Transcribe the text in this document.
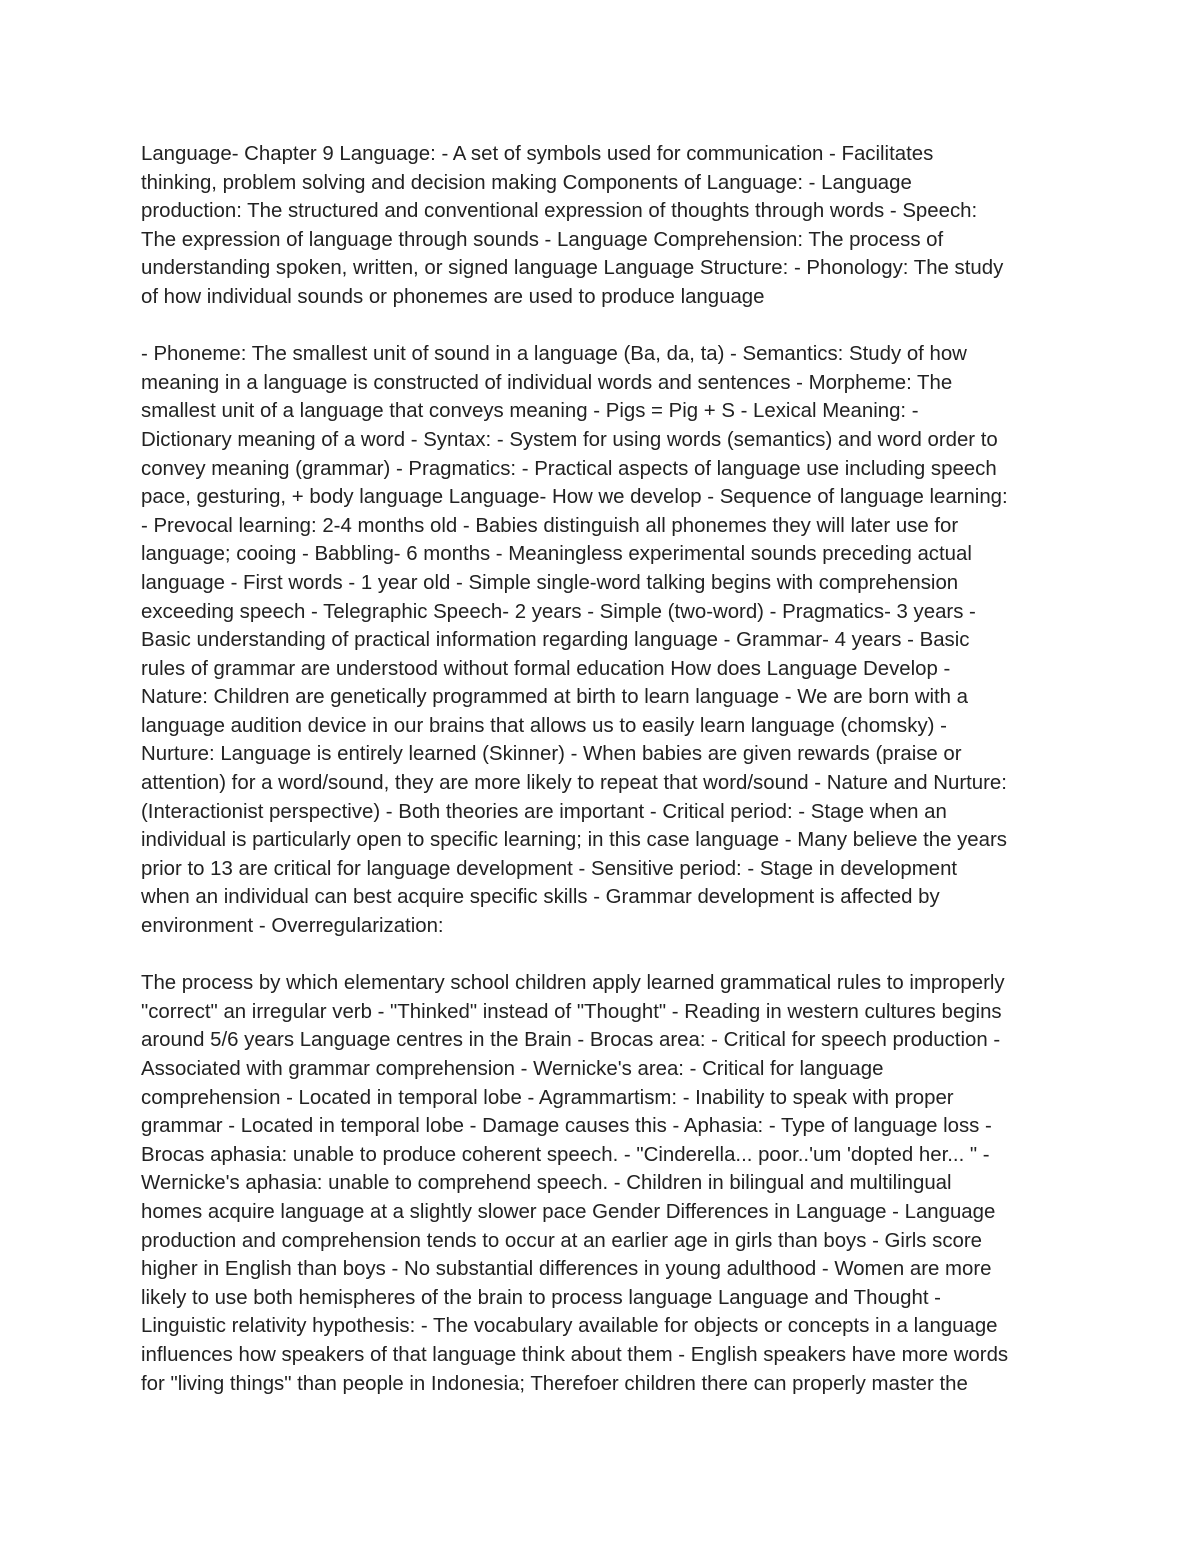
Language- Chapter 9 Language: - A set of symbols used for communication - Facilitates
thinking, problem solving and decision making Components of Language: - Language
production: The structured and conventional expression of thoughts through words - Speech:
The expression of language through sounds - Language Comprehension: The process of
understanding spoken, written, or signed language Language Structure: - Phonology: The study
of how individual sounds or phonemes are used to produce language

- Phoneme: The smallest unit of sound in a language (Ba, da, ta) - Semantics: Study of how
meaning in a language is constructed of individual words and sentences - Morpheme: The
smallest unit of a language that conveys meaning - Pigs = Pig + S - Lexical Meaning: -
Dictionary meaning of a word - Syntax: - System for using words (semantics) and word order to
convey meaning (grammar) - Pragmatics: - Practical aspects of language use including speech
pace, gesturing, + body language Language- How we develop - Sequence of language learning:
- Prevocal learning: 2-4 months old - Babies distinguish all phonemes they will later use for
language; cooing - Babbling- 6 months - Meaningless experimental sounds preceding actual
language - First words - 1 year old - Simple single-word talking begins with comprehension
exceeding speech - Telegraphic Speech- 2 years - Simple (two-word) - Pragmatics- 3 years -
Basic understanding of practical information regarding language - Grammar- 4 years - Basic
rules of grammar are understood without formal education How does Language Develop -
Nature: Children are genetically programmed at birth to learn language - We are born with a
language audition device in our brains that allows us to easily learn language (chomsky) -
Nurture: Language is entirely learned (Skinner) - When babies are given rewards (praise or
attention) for a word/sound, they are more likely to repeat that word/sound - Nature and Nurture:
(Interactionist perspective) - Both theories are important - Critical period: - Stage when an
individual is particularly open to specific learning; in this case language - Many believe the years
prior to 13 are critical for language development - Sensitive period: - Stage in development
when an individual can best acquire specific skills - Grammar development is affected by
environment - Overregularization:

The process by which elementary school children apply learned grammatical rules to improperly
"correct" an irregular verb - "Thinked" instead of "Thought" - Reading in western cultures begins
around 5/6 years Language centres in the Brain - Brocas area: - Critical for speech production -
Associated with grammar comprehension - Wernicke's area: - Critical for language
comprehension - Located in temporal lobe - Agrammartism: - Inability to speak with proper
grammar - Located in temporal lobe - Damage causes this - Aphasia: - Type of language loss -
Brocas aphasia: unable to produce coherent speech. - "Cinderella... poor..'um 'dopted her... " -
Wernicke's aphasia: unable to comprehend speech. - Children in bilingual and multilingual
homes acquire language at a slightly slower pace Gender Differences in Language - Language
production and comprehension tends to occur at an earlier age in girls than boys - Girls score
higher in English than boys - No substantial differences in young adulthood - Women are more
likely to use both hemispheres of the brain to process language Language and Thought -
Linguistic relativity hypothesis: - The vocabulary available for objects or concepts in a language
influences how speakers of that language think about them - English speakers have more words
for "living things" than people in Indonesia; Therefoer children there can properly master the
